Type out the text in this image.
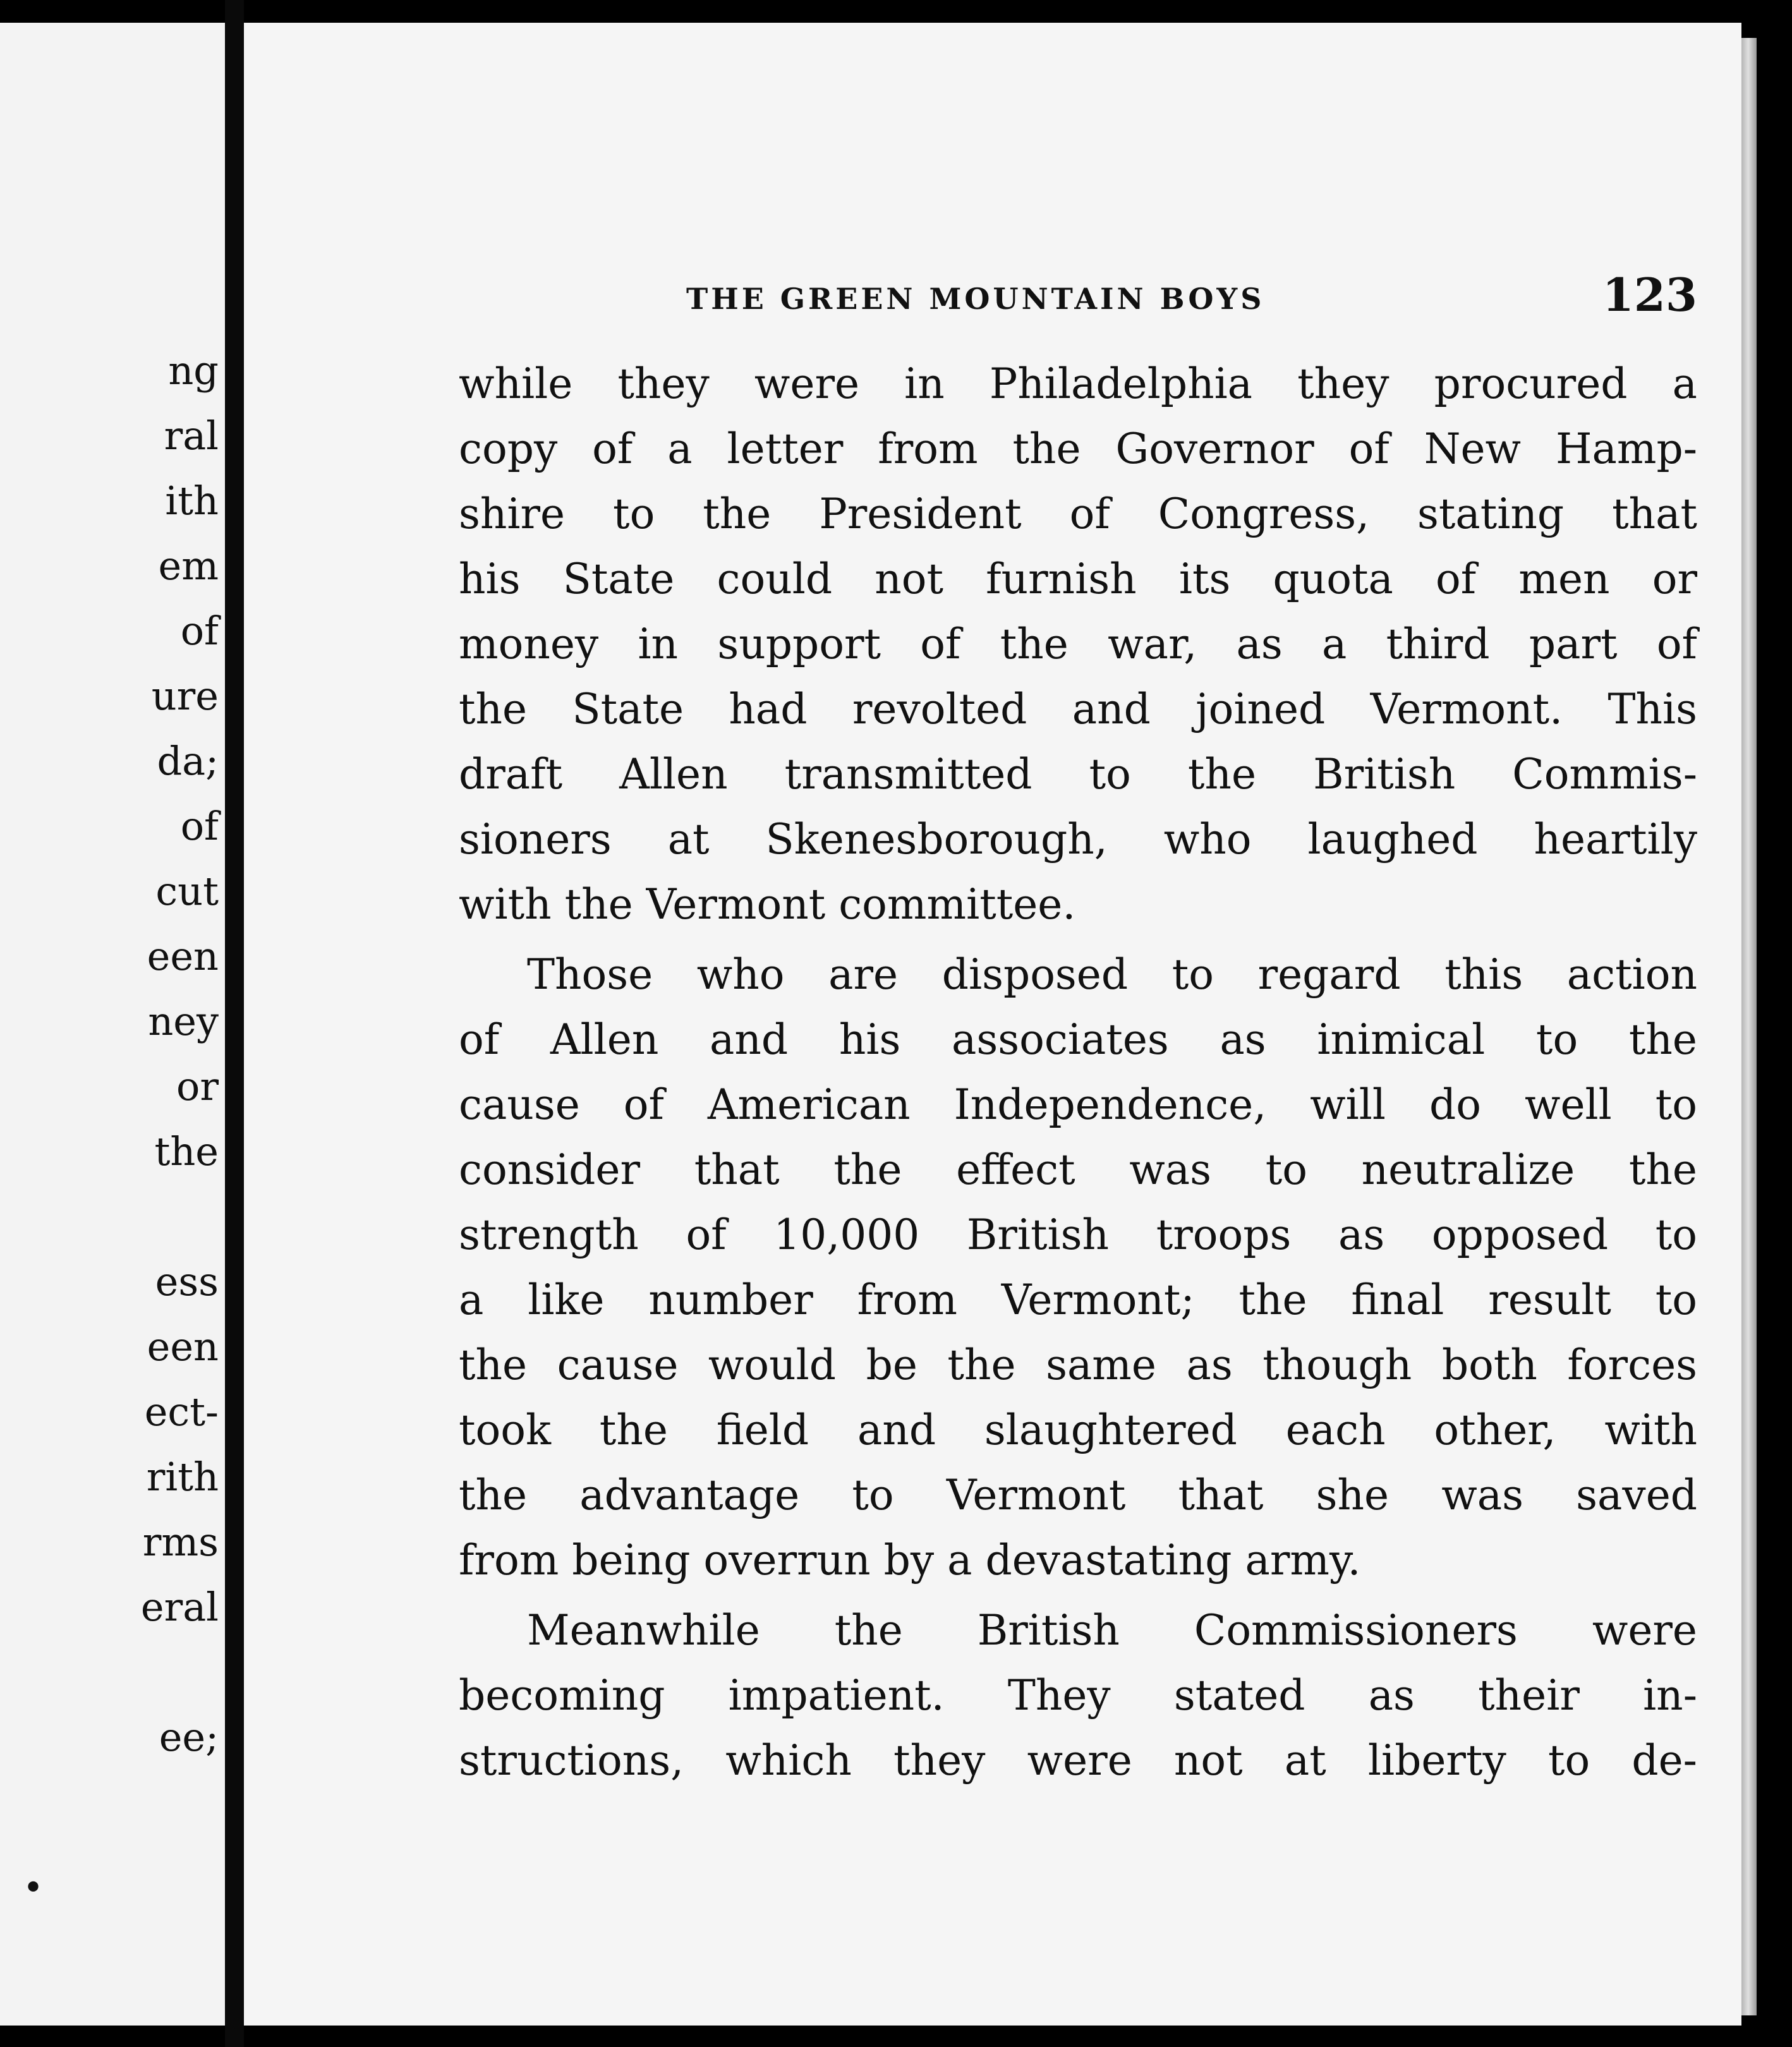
ng
ral
ith
em
of
ure
da;
of
cut
een
ney
or
the
ess
een
ect-
rith
rms
eral
ee;
•
THE GREEN MOUNTAIN BOYS	123
while they were in Philadelphia they procured a
copy of a letter from the Governor of New Hamp-
shire to the President of Congress, stating that
his State could not furnish its quota of men or
money in support of the war, as a third part of
the State had revolted and joined Vermont. This
draft Allen transmitted to the British Commis-
sioners at Skenesborough, who laughed heartily
with the Vermont committee.
Those who are disposed to regard this action
of Allen and his associates as inimical to the
cause of American Independence, will do well to
consider that the effect was to neutralize the
strength of 10,000 British troops as opposed to
a like number from Vermont; the final result to
the cause would be the same as though both forces
took the field and slaughtered each other, with
the advantage to Vermont that she was saved
from being overrun by a devastating army.
Meanwhile the British Commissioners were
becoming impatient. They stated as their in-
structions, which they were not at liberty to de-
